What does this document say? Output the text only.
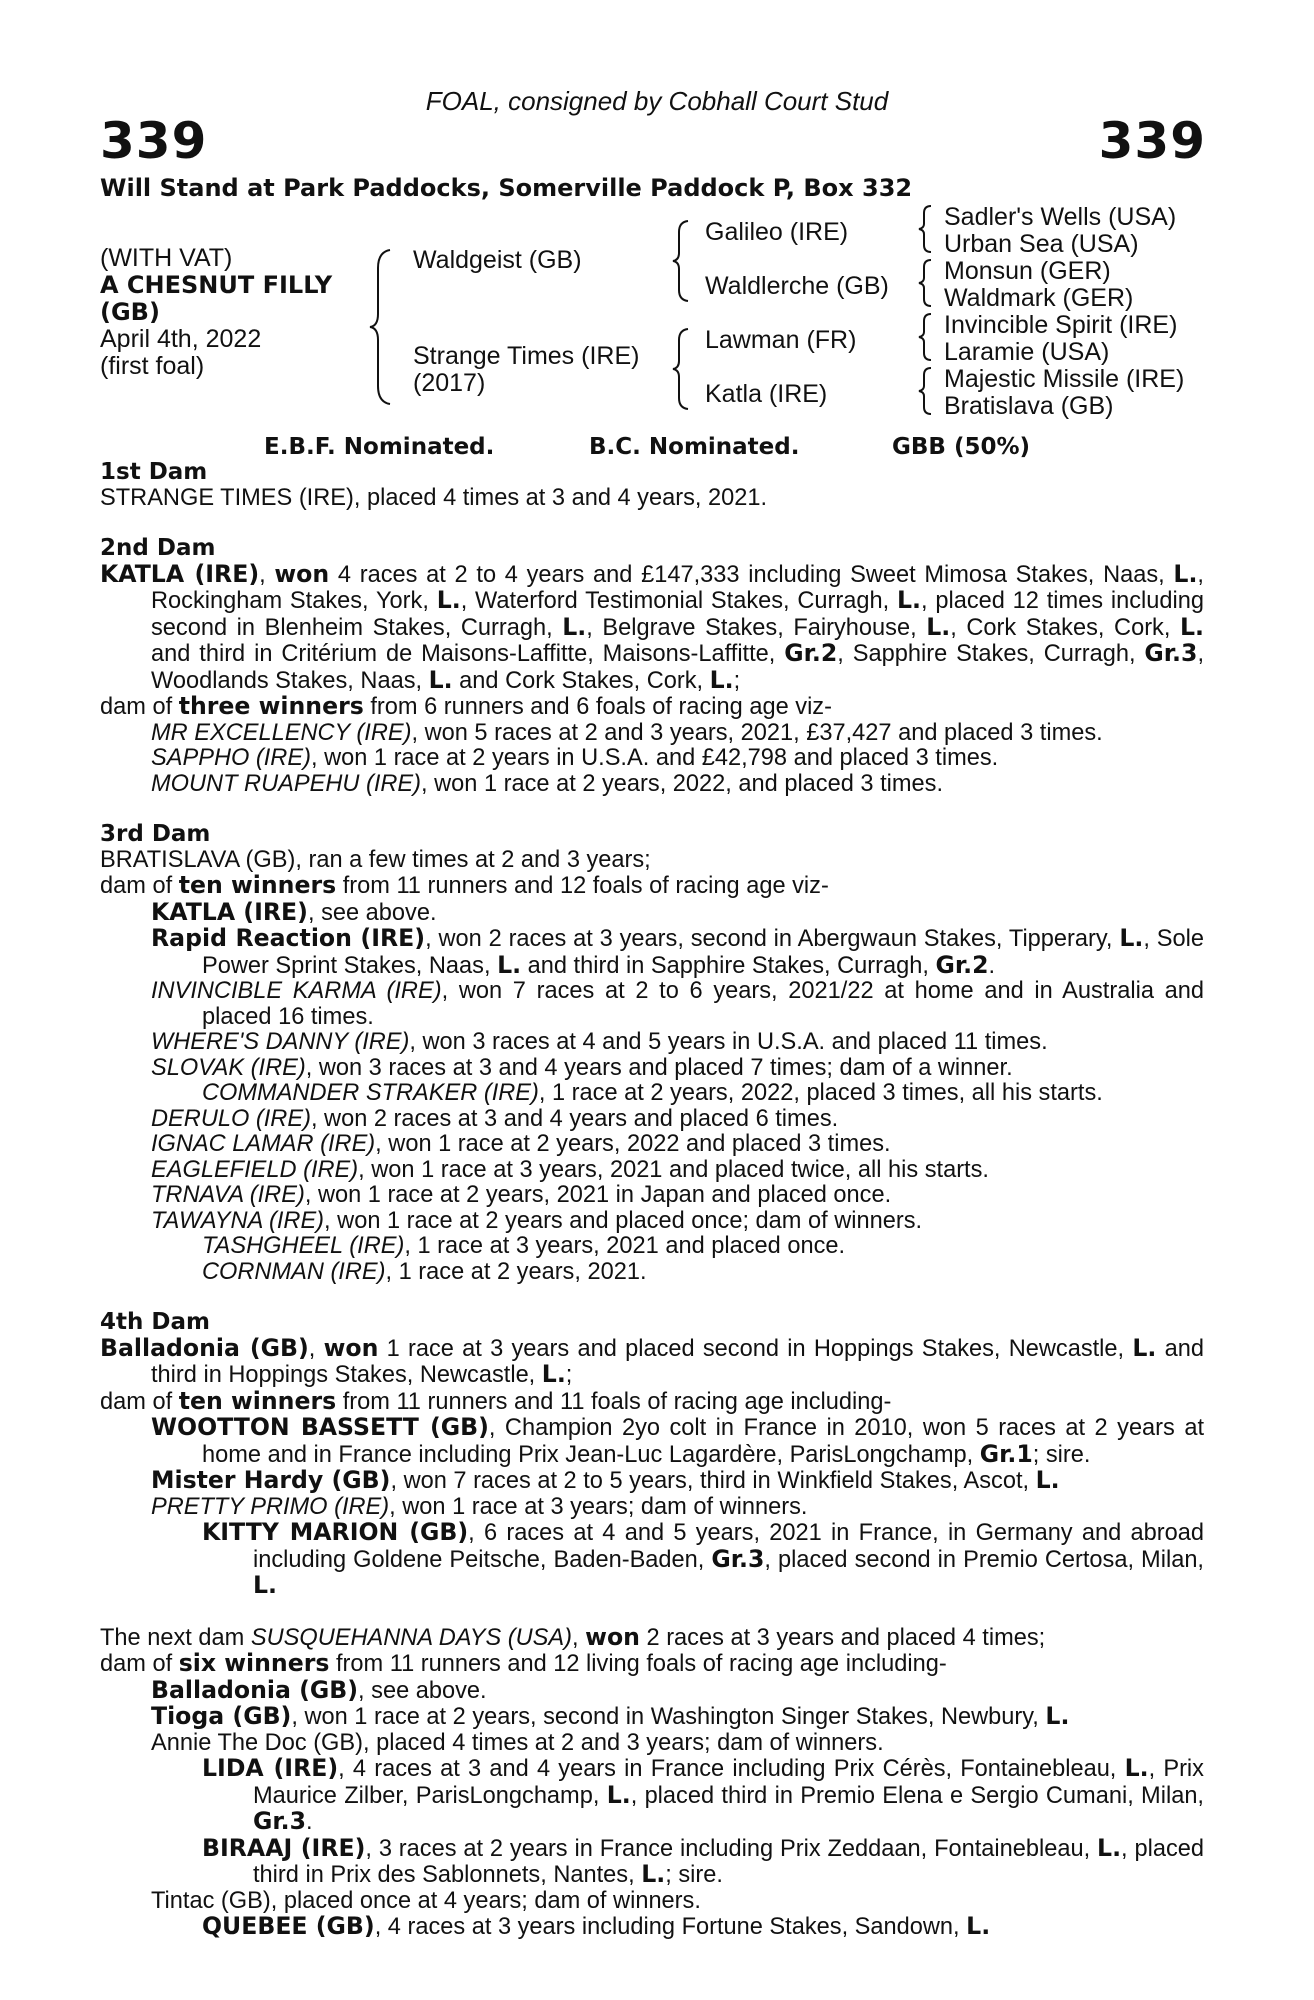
FOAL, consigned by Cobhall Court Stud
339	339
Will Stand at Park Paddocks, Somerville Paddock P, Box 332
(WITH VAT)
A CHESNUT FILLY
(GB)
April 4th, 2022
(first foal)
Waldgeist (GB)
Strange Times (IRE)
(2017)
Galileo (IRE)
Waldlerche (GB)
Lawman (FR)
Katla (IRE)
Sadler's Wells (USA)
Urban Sea (USA)
Monsun (GER)
Waldmark (GER)
Invincible Spirit (IRE)
Laramie (USA)
Majestic Missile (IRE)
Bratislava (GB)
E.B.F. Nominated.	B.C. Nominated.	GBB (50%)

1st Dam

STRANGE TIMES (IRE), placed 4 times at 3 and 4 years, 2021.

2nd Dam

KATLA (IRE), won 4 races at 2 to 4 years and £147,333 including Sweet Mimosa Stakes, Naas, L., Rockingham Stakes, York, L., Waterford Testimonial Stakes, Curragh, L., placed 12 times including second in Blenheim Stakes, Curragh, L., Belgrave Stakes, Fairyhouse, L., Cork Stakes, Cork, L. and third in Critérium de Maisons-Laffitte, Maisons-Laffitte, Gr.2, Sapphire Stakes, Curragh, Gr.3, Woodlands Stakes, Naas, L. and Cork Stakes, Cork, L.;

dam of three winners from 6 runners and 6 foals of racing age viz-

MR EXCELLENCY (IRE), won 5 races at 2 and 3 years, 2021, £37,427 and placed 3 times.

SAPPHO (IRE), won 1 race at 2 years in U.S.A. and £42,798 and placed 3 times.

MOUNT RUAPEHU (IRE), won 1 race at 2 years, 2022, and placed 3 times.

3rd Dam

BRATISLAVA (GB), ran a few times at 2 and 3 years;

dam of ten winners from 11 runners and 12 foals of racing age viz-

KATLA (IRE), see above.

Rapid Reaction (IRE), won 2 races at 3 years, second in Abergwaun Stakes, Tipperary, L., Sole Power Sprint Stakes, Naas, L. and third in Sapphire Stakes, Curragh, Gr.2.

INVINCIBLE KARMA (IRE), won 7 races at 2 to 6 years, 2021/22 at home and in Australia and placed 16 times.

WHERE'S DANNY (IRE), won 3 races at 4 and 5 years in U.S.A. and placed 11 times.

SLOVAK (IRE), won 3 races at 3 and 4 years and placed 7 times; dam of a winner.

COMMANDER STRAKER (IRE), 1 race at 2 years, 2022, placed 3 times, all his starts.

DERULO (IRE), won 2 races at 3 and 4 years and placed 6 times.

IGNAC LAMAR (IRE), won 1 race at 2 years, 2022 and placed 3 times.

EAGLEFIELD (IRE), won 1 race at 3 years, 2021 and placed twice, all his starts.

TRNAVA (IRE), won 1 race at 2 years, 2021 in Japan and placed once.

TAWAYNA (IRE), won 1 race at 2 years and placed once; dam of winners.

TASHGHEEL (IRE), 1 race at 3 years, 2021 and placed once.

CORNMAN (IRE), 1 race at 2 years, 2021.

4th Dam

Balladonia (GB), won 1 race at 3 years and placed second in Hoppings Stakes, Newcastle, L. and third in Hoppings Stakes, Newcastle, L.;

dam of ten winners from 11 runners and 11 foals of racing age including-

WOOTTON BASSETT (GB), Champion 2yo colt in France in 2010, won 5 races at 2 years at home and in France including Prix Jean-Luc Lagardère, ParisLongchamp, Gr.1; sire.

Mister Hardy (GB), won 7 races at 2 to 5 years, third in Winkfield Stakes, Ascot, L.

PRETTY PRIMO (IRE), won 1 race at 3 years; dam of winners.

KITTY MARION (GB), 6 races at 4 and 5 years, 2021 in France, in Germany and abroad including Goldene Peitsche, Baden-Baden, Gr.3, placed second in Premio Certosa, Milan, L.

The next dam SUSQUEHANNA DAYS (USA), won 2 races at 3 years and placed 4 times;

dam of six winners from 11 runners and 12 living foals of racing age including-

Balladonia (GB), see above.

Tioga (GB), won 1 race at 2 years, second in Washington Singer Stakes, Newbury, L.

Annie The Doc (GB), placed 4 times at 2 and 3 years; dam of winners.

LIDA (IRE), 4 races at 3 and 4 years in France including Prix Cérès, Fontainebleau, L., Prix Maurice Zilber, ParisLongchamp, L., placed third in Premio Elena e Sergio Cumani, Milan, Gr.3.

BIRAAJ (IRE), 3 races at 2 years in France including Prix Zeddaan, Fontainebleau, L., placed third in Prix des Sablonnets, Nantes, L.; sire.

Tintac (GB), placed once at 4 years; dam of winners.

QUEBEE (GB), 4 races at 3 years including Fortune Stakes, Sandown, L.
